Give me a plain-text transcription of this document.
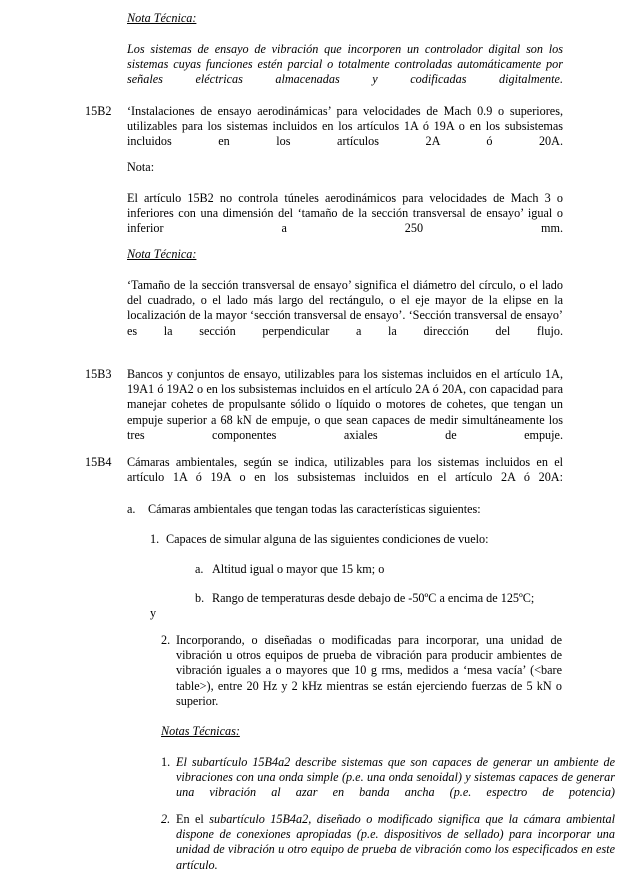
Nota Técnica:

Los sistemas de ensayo de vibración que incorporen un controlador digital son los sistemas cuyas funciones estén parcial o totalmente controladas automáticamente por señales eléctricas almacenadas y codificadas digitalmente.

15B2 ‘Instalaciones de ensayo aerodinámicas’ para velocidades de Mach 0.9 o superiores, utilizables para los sistemas incluidos en los artículos 1A ó 19A o en los subsistemas incluidos en los artículos 2A ó 20A.

Nota:

El artículo 15B2 no controla túneles aerodinámicos para velocidades de Mach 3 o inferiores con una dimensión del ‘tamaño de la sección transversal de ensayo’ igual o inferior a 250 mm.

Nota Técnica:

‘Tamaño de la sección transversal de ensayo’ significa el diámetro del círculo, o el lado del cuadrado, o el lado más largo del rectángulo, o el eje mayor de la elipse en la localización de la mayor ‘sección transversal de ensayo’. ‘Sección transversal de ensayo’ es la sección perpendicular a la dirección del flujo.

15B3 Bancos y conjuntos de ensayo, utilizables para los sistemas incluidos en el artículo 1A, 19A1 ó 19A2 o en los subsistemas incluidos en el artículo 2A ó 20A, con capacidad para manejar cohetes de propulsante sólido o líquido o motores de cohetes, que tengan un empuje superior a 68 kN de empuje, o que sean capaces de medir simultáneamente los tres componentes axiales de empuje.

15B4 Cámaras ambientales, según se indica, utilizables para los sistemas incluidos en el artículo 1A ó 19A o en los subsistemas incluidos en el artículo 2A ó 20A:

a. Cámaras ambientales que tengan todas las características siguientes:

1. Capaces de simular alguna de las siguientes condiciones de vuelo:

a. Altitud igual o mayor que 15 km; o

b. Rango de temperaturas desde debajo de -50ºC a encima de 125ºC;

y

2. Incorporando, o diseñadas o modificadas para incorporar, una unidad de vibración u otros equipos de prueba de vibración para producir ambientes de vibración iguales a o mayores que 10 g rms, medidos a ‘mesa vacía’ (<bare table>), entre 20 Hz y 2 kHz mientras se están ejerciendo fuerzas de 5 kN o superior.

Notas Técnicas:

1. El subartículo 15B4a2 describe sistemas que son capaces de generar un ambiente de vibraciones con una onda simple (p.e. una onda senoidal) y sistemas capaces de generar una vibración al azar en banda ancha (p.e. espectro de potencia)

2. En el subartículo 15B4a2, diseñado o modificado significa que la cámara ambiental dispone de conexiones apropiadas (p.e. dispositivos de sellado) para incorporar una unidad de vibración u otro equipo de prueba de vibración como los especificados en este artículo.
